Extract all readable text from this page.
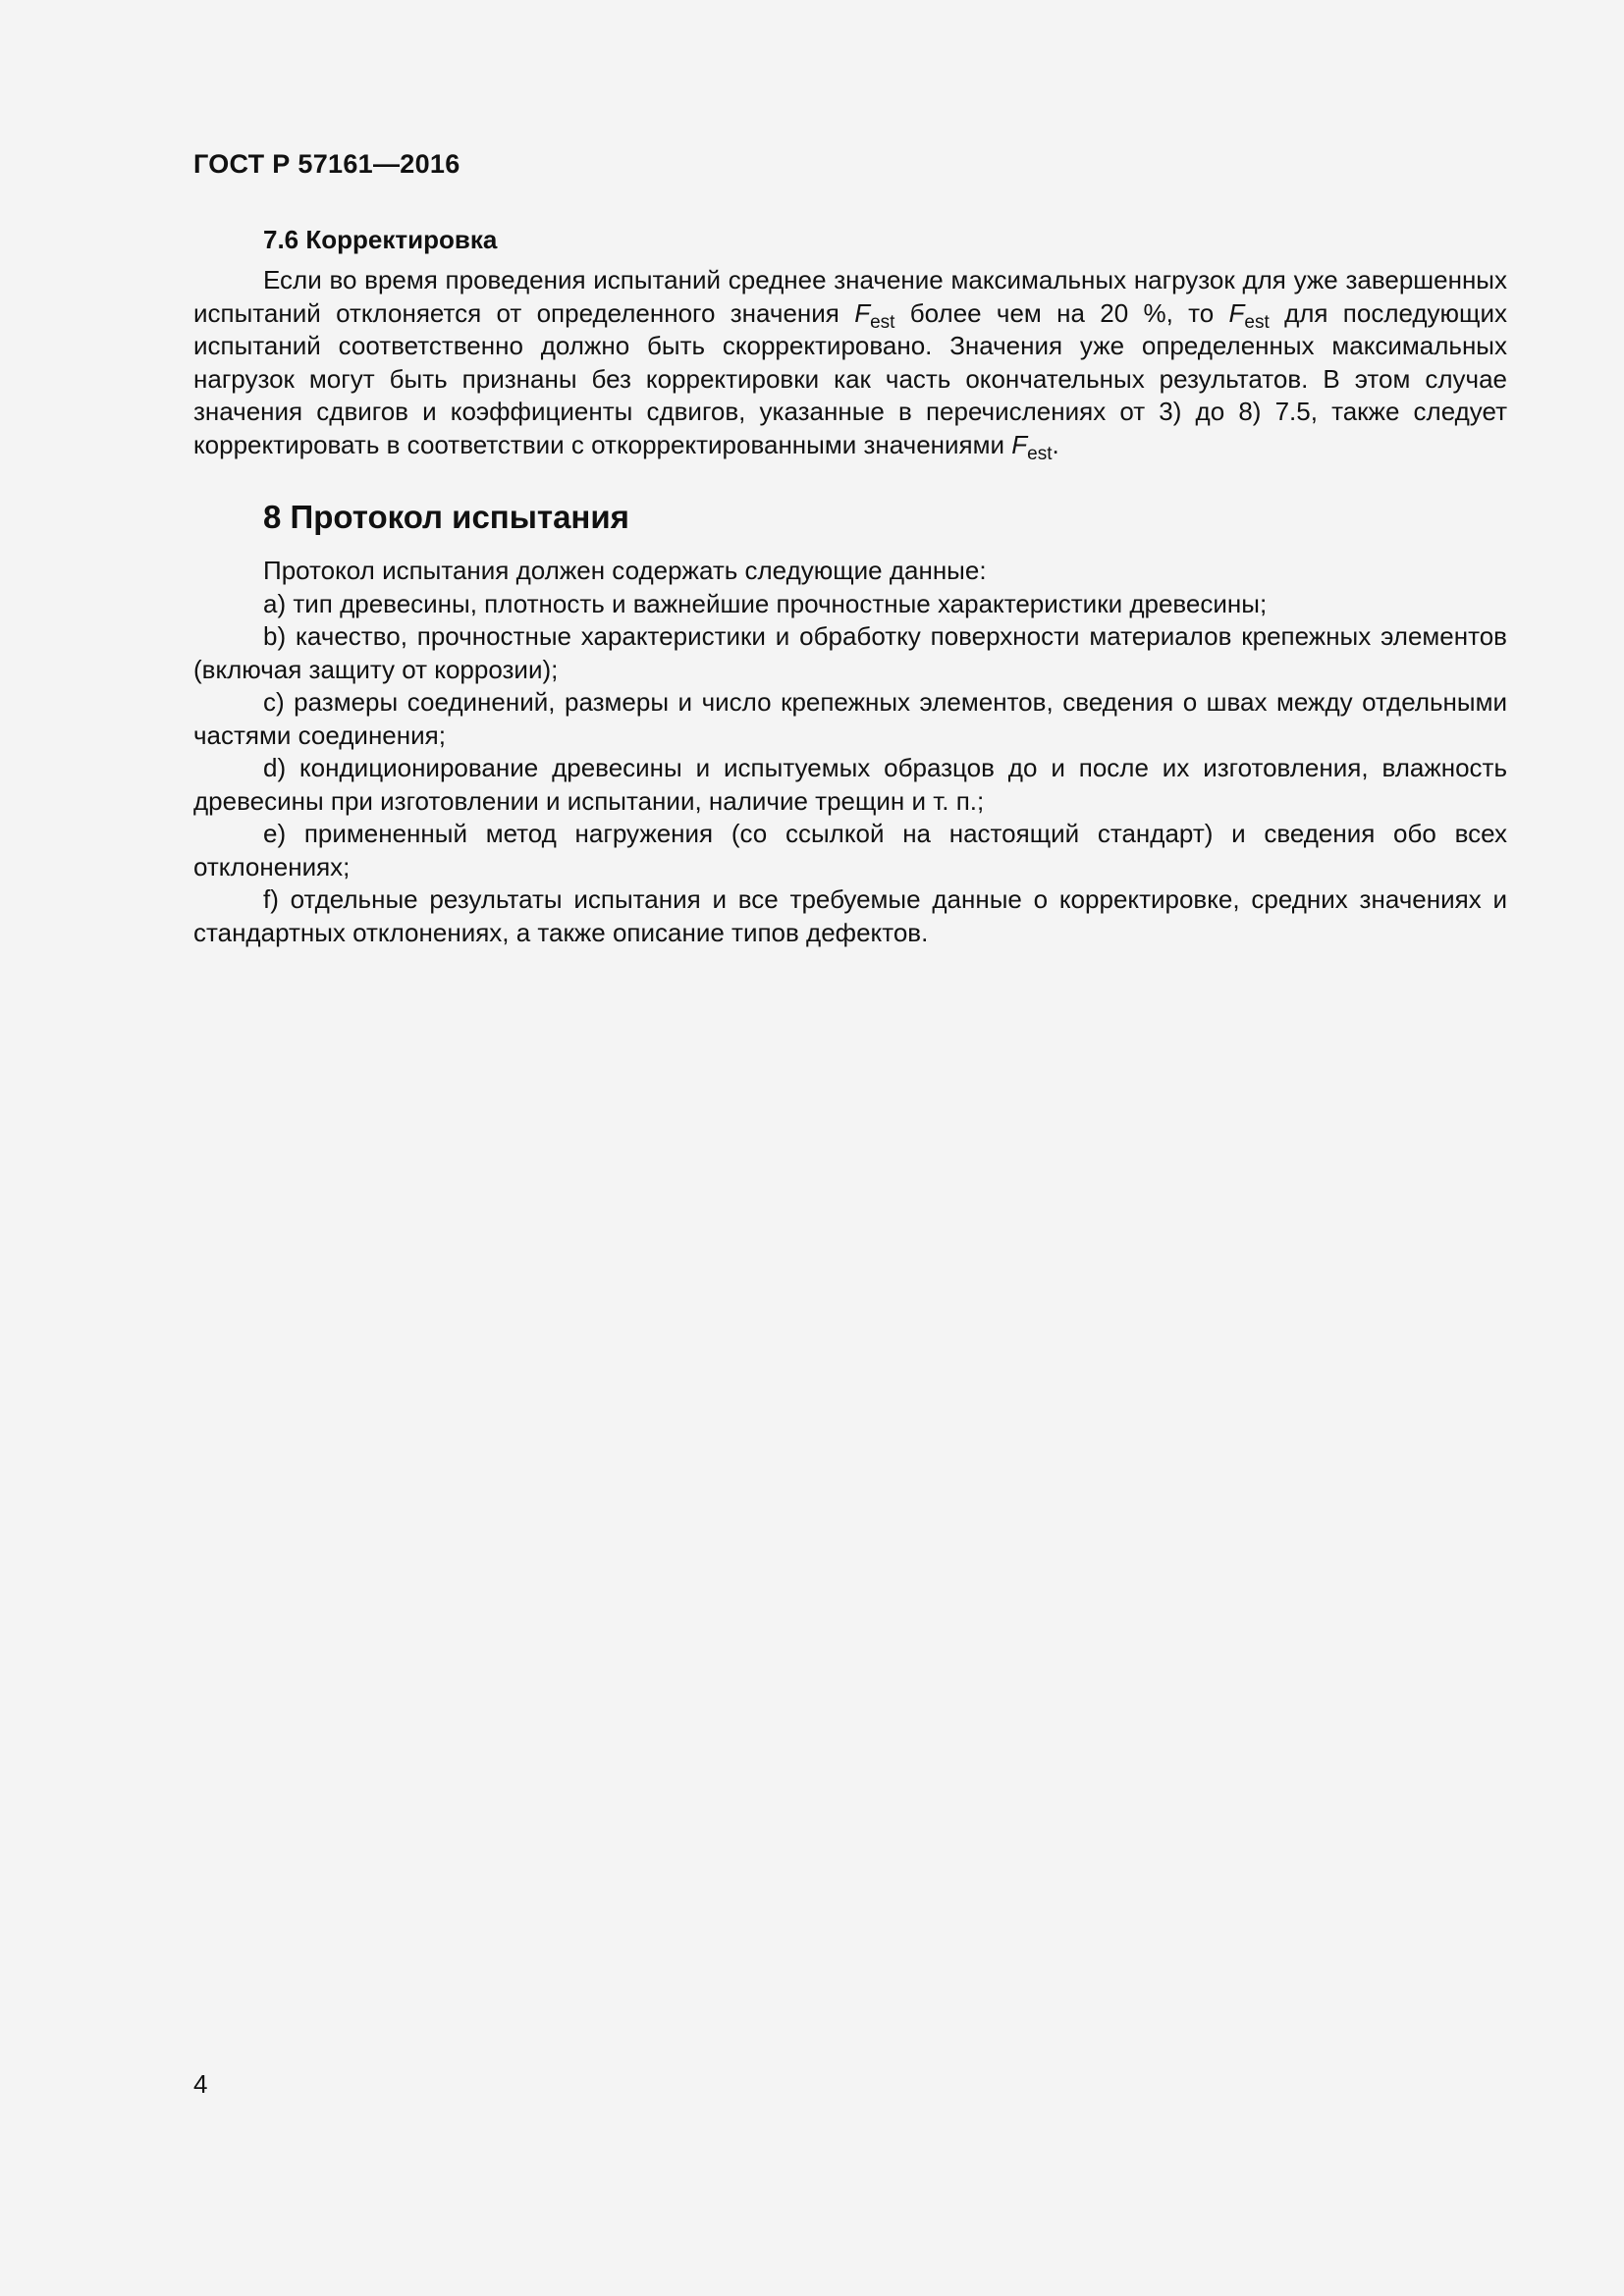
ГОСТ Р 57161—2016
7.6 Корректировка

Если во время проведения испытаний среднее значение максимальных нагрузок для уже завершенных испытаний отклоняется от определенного значения $F_{est}$ более чем на 20 %, то $F_{est}$ для последующих испытаний соответственно должно быть скорректировано. Значения уже определенных максимальных нагрузок могут быть признаны без корректировки как часть окончательных результатов. В этом случае значения сдвигов и коэффициенты сдвигов, указанные в перечислениях от 3) до 8) 7.5, также следует корректировать в соответствии с откорректированными значениями $F_{est}$.

8 Протокол испытания

Протокол испытания должен содержать следующие данные:

а) тип древесины, плотность и важнейшие прочностные характеристики древесины;

b) качество, прочностные характеристики и обработку поверхности материалов крепежных элементов (включая защиту от коррозии);

c) размеры соединений, размеры и число крепежных элементов, сведения о швах между отдельными частями соединения;

d) кондиционирование древесины и испытуемых образцов до и после их изготовления, влажность древесины при изготовлении и испытании, наличие трещин и т. п.;

e) примененный метод нагружения (со ссылкой на настоящий стандарт) и сведения обо всех отклонениях;

f) отдельные результаты испытания и все требуемые данные о корректировке, средних значениях и стандартных отклонениях, а также описание типов дефектов.

4
